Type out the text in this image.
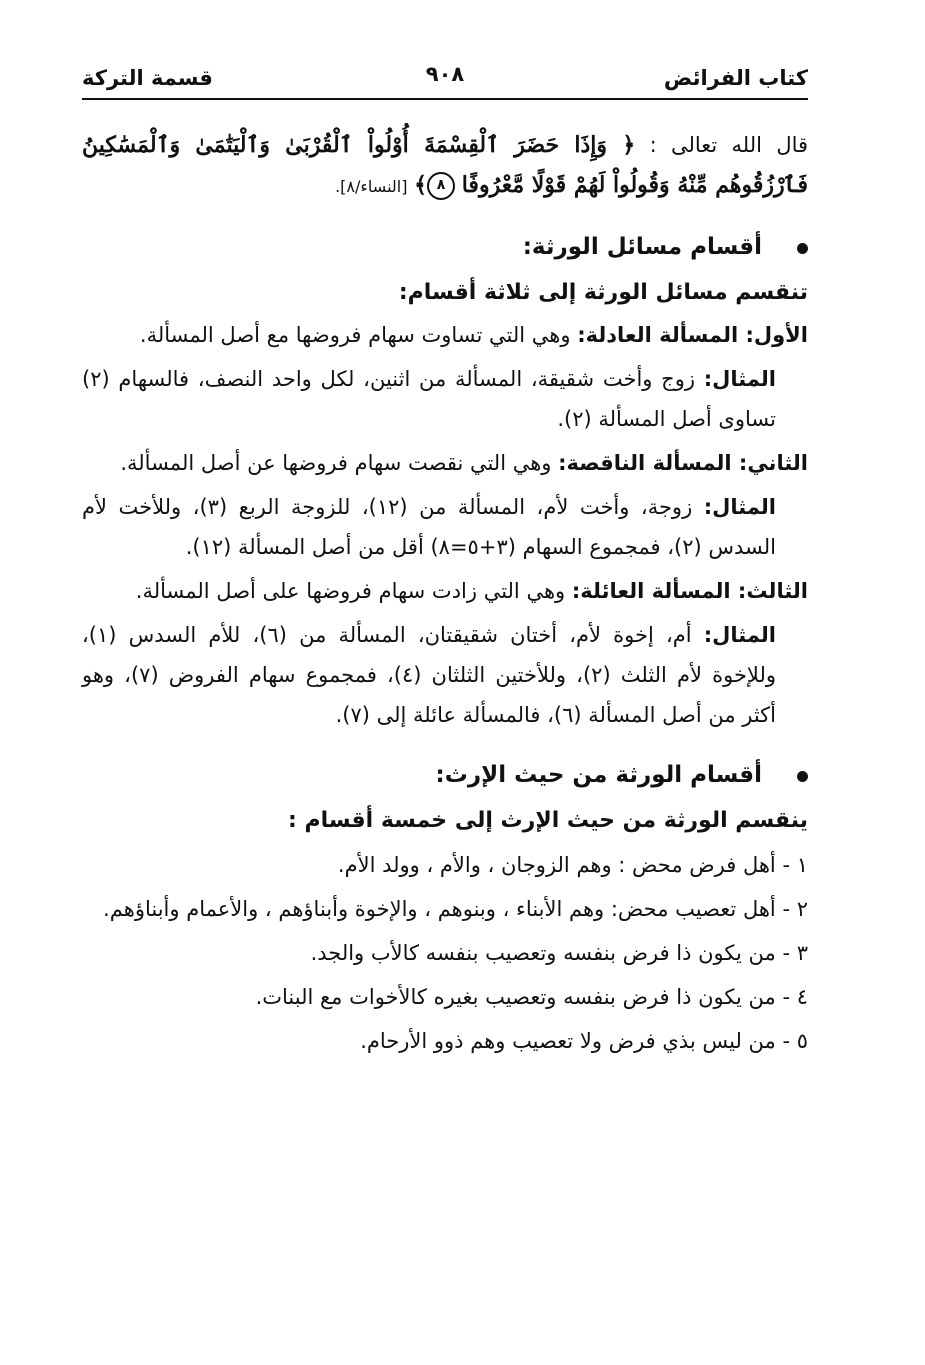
كتاب الفرائض
٩٠٨
قسمة التركة

قال الله تعالى : ﴿ وَإِذَا حَضَرَ ٱلْقِسْمَةَ أُوْلُواْ ٱلْقُرْبَىٰ وَٱلْيَتَٰمَىٰ وَٱلْمَسَٰكِينُ فَٱرْزُقُوهُم مِّنْهُ وَقُولُواْ لَهُمْ قَوْلًا مَّعْرُوفًا ٨﴾ [النساء/٨].

أقسام مسائل الورثة:
تنقسم مسائل الورثة إلى ثلاثة أقسام:
الأول: المسألة العادلة: وهي التي تساوت سهام فروضها مع أصل المسألة.
المثال: زوج وأخت شقيقة، المسألة من اثنين، لكل واحد النصف، فالسهام (٢) تساوى أصل المسألة (٢).
الثاني: المسألة الناقصة: وهي التي نقصت سهام فروضها عن أصل المسألة.
المثال: زوجة، وأخت لأم، المسألة من (١٢)، للزوجة الربع (٣)، وللأخت لأم السدس (٢)، فمجموع السهام (٣+٥=٨) أقل من أصل المسألة (١٢).
الثالث: المسألة العائلة: وهي التي زادت سهام فروضها على أصل المسألة.
المثال: أم، إخوة لأم، أختان شقيقتان، المسألة من (٦)، للأم السدس (١)، وللإخوة لأم الثلث (٢)، وللأختين الثلثان (٤)، فمجموع سهام الفروض (٧)، وهو أكثر من أصل المسألة (٦)، فالمسألة عائلة إلى (٧).
أقسام الورثة من حيث الإرث:
ينقسم الورثة من حيث الإرث إلى خمسة أقسام :
١ - أهل فرض محض : وهم الزوجان ، والأم ، وولد الأم.
٢ - أهل تعصيب محض: وهم الأبناء ، وبنوهم ، والإخوة وأبناؤهم ، والأعمام وأبناؤهم.
٣ - من يكون ذا فرض بنفسه وتعصيب بنفسه كالأب والجد.
٤ - من يكون ذا فرض بنفسه وتعصيب بغيره كالأخوات مع البنات.
٥ - من ليس بذي فرض ولا تعصيب وهم ذوو الأرحام.
